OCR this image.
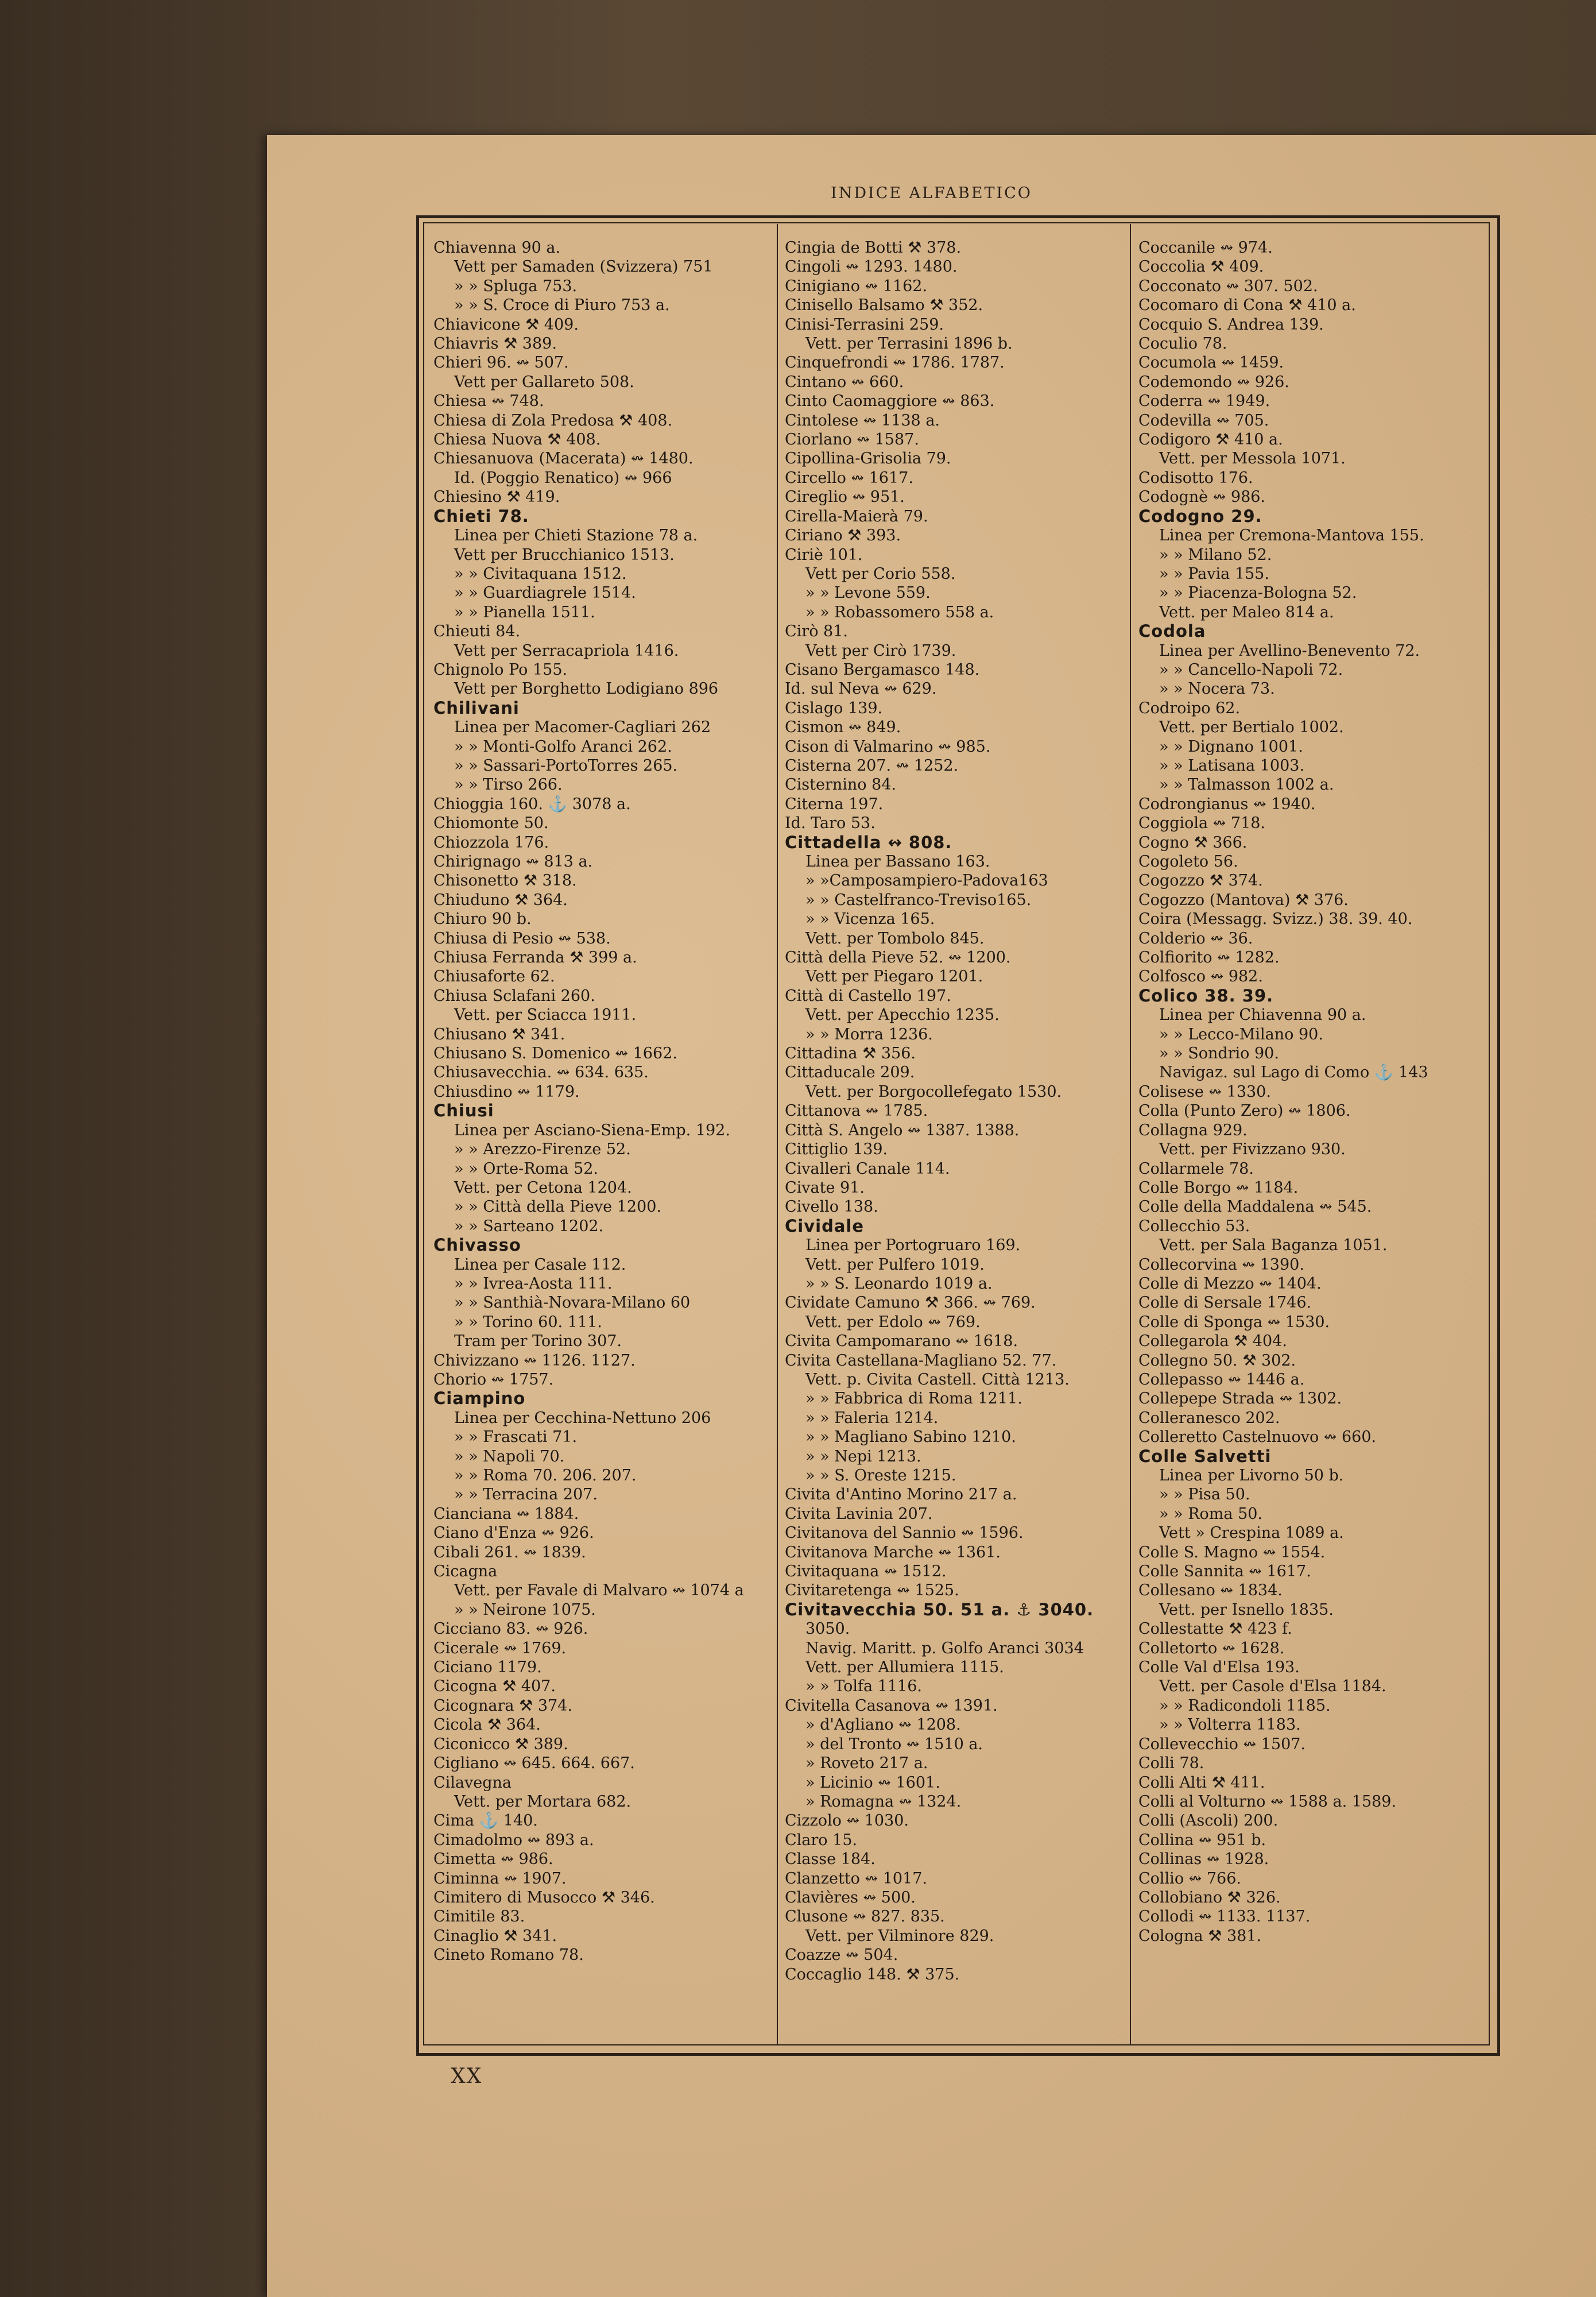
INDICE ALFABETICO
Chiavenna 90 a.
Vett per Samaden (Svizzera) 751
» » Spluga 753.
» » S. Croce di Piuro 753 a.
Chiavicone ⚒ 409.
Chiavris ⚒ 389.
Chieri 96. ↭ 507.
Vett per Gallareto 508.
Chiesa ↭ 748.
Chiesa di Zola Predosa ⚒ 408.
Chiesa Nuova ⚒ 408.
Chiesanuova (Macerata) ↭ 1480.
Id. (Poggio Renatico) ↭ 966
Chiesino ⚒ 419.
Chieti 78.
Linea per Chieti Stazione 78 a.
Vett per Brucchianico 1513.
» » Civitaquana 1512.
» » Guardiagrele 1514.
» » Pianella 1511.
Chieuti 84.
Vett per Serracapriola 1416.
Chignolo Po 155.
Vett per Borghetto Lodigiano 896
Chilivani
Linea per Macomer-Cagliari 262
» » Monti-Golfo Aranci 262.
» » Sassari-PortoTorres 265.
» » Tirso 266.
Chioggia 160. ⚓ 3078 a.
Chiomonte 50.
Chiozzola 176.
Chirignago ↭ 813 a.
Chisonetto ⚒ 318.
Chiuduno ⚒ 364.
Chiuro 90 b.
Chiusa di Pesio ↭ 538.
Chiusa Ferranda ⚒ 399 a.
Chiusaforte 62.
Chiusa Sclafani 260.
Vett. per Sciacca 1911.
Chiusano ⚒ 341.
Chiusano S. Domenico ↭ 1662.
Chiusavecchia. ↭ 634. 635.
Chiusdino ↭ 1179.
Chiusi
Linea per Asciano-Siena-Emp. 192.
» » Arezzo-Firenze 52.
» » Orte-Roma 52.
Vett. per Cetona 1204.
» » Città della Pieve 1200.
» » Sarteano 1202.
Chivasso
Linea per Casale 112.
» » Ivrea-Aosta 111.
» » Santhià-Novara-Milano 60
» » Torino 60. 111.
Tram per Torino 307.
Chivizzano ↭ 1126. 1127.
Chorio ↭ 1757.
Ciampino
Linea per Cecchina-Nettuno 206
» » Frascati 71.
» » Napoli 70.
» » Roma 70. 206. 207.
» » Terracina 207.
Cianciana ↭ 1884.
Ciano d'Enza ↭ 926.
Cibali 261. ↭ 1839.
Cicagna
Vett. per Favale di Malvaro ↭ 1074 a
» » Neirone 1075.
Cicciano 83. ↭ 926.
Cicerale ↭ 1769.
Ciciano 1179.
Cicogna ⚒ 407.
Cicognara ⚒ 374.
Cicola ⚒ 364.
Ciconicco ⚒ 389.
Cigliano ↭ 645. 664. 667.
Cilavegna
Vett. per Mortara 682.
Cima ⚓ 140.
Cimadolmo ↭ 893 a.
Cimetta ↭ 986.
Ciminna ↭ 1907.
Cimitero di Musocco ⚒ 346.
Cimitile 83.
Cinaglio ⚒ 341.
Cineto Romano 78.
Cingia de Botti ⚒ 378.
Cingoli ↭ 1293. 1480.
Cinigiano ↭ 1162.
Cinisello Balsamo ⚒ 352.
Cinisi-Terrasini 259.
Vett. per Terrasini 1896 b.
Cinquefrondi ↭ 1786. 1787.
Cintano ↭ 660.
Cinto Caomaggiore ↭ 863.
Cintolese ↭ 1138 a.
Ciorlano ↭ 1587.
Cipollina-Grisolia 79.
Circello ↭ 1617.
Cireglio ↭ 951.
Cirella-Maierà 79.
Ciriano ⚒ 393.
Ciriè 101.
Vett per Corio 558.
» » Levone 559.
» » Robassomero 558 a.
Cirò 81.
Vett per Cirò 1739.
Cisano Bergamasco 148.
Id. sul Neva ↭ 629.
Cislago 139.
Cismon ↭ 849.
Cison di Valmarino ↭ 985.
Cisterna 207. ↭ 1252.
Cisternino 84.
Citerna 197.
Id. Taro 53.
Cittadella ↭ 808.
Linea per Bassano 163.
» »Camposampiero-Padova163
» » Castelfranco-Treviso165.
» » Vicenza 165.
Vett. per Tombolo 845.
Città della Pieve 52. ↭ 1200.
Vett per Piegaro 1201.
Città di Castello 197.
Vett. per Apecchio 1235.
» » Morra 1236.
Cittadina ⚒ 356.
Cittaducale 209.
Vett. per Borgocollefegato 1530.
Cittanova ↭ 1785.
Città S. Angelo ↭ 1387. 1388.
Cittiglio 139.
Civalleri Canale 114.
Civate 91.
Civello 138.
Cividale
Linea per Portogruaro 169.
Vett. per Pulfero 1019.
» » S. Leonardo 1019 a.
Cividate Camuno ⚒ 366. ↭ 769.
Vett. per Edolo ↭ 769.
Civita Campomarano ↭ 1618.
Civita Castellana-Magliano 52. 77.
Vett. p. Civita Castell. Città 1213.
» » Fabbrica di Roma 1211.
» » Faleria 1214.
» » Magliano Sabino 1210.
» » Nepi 1213.
» » S. Oreste 1215.
Civita d'Antino Morino 217 a.
Civita Lavinia 207.
Civitanova del Sannio ↭ 1596.
Civitanova Marche ↭ 1361.
Civitaquana ↭ 1512.
Civitaretenga ↭ 1525.
Civitavecchia 50. 51 a. ⚓ 3040.
3050.
Navig. Maritt. p. Golfo Aranci 3034
Vett. per Allumiera 1115.
» » Tolfa 1116.
Civitella Casanova ↭ 1391.
» d'Agliano ↭ 1208.
» del Tronto ↭ 1510 a.
» Roveto 217 a.
» Licinio ↭ 1601.
» Romagna ↭ 1324.
Cizzolo ↭ 1030.
Claro 15.
Classe 184.
Clanzetto ↭ 1017.
Clavières ↭ 500.
Clusone ↭ 827. 835.
Vett. per Vilminore 829.
Coazze ↭ 504.
Coccaglio 148. ⚒ 375.
Coccanile ↭ 974.
Coccolia ⚒ 409.
Cocconato ↭ 307. 502.
Cocomaro di Cona ⚒ 410 a.
Cocquio S. Andrea 139.
Coculio 78.
Cocumola ↭ 1459.
Codemondo ↭ 926.
Coderra ↭ 1949.
Codevilla ↭ 705.
Codigoro ⚒ 410 a.
Vett. per Messola 1071.
Codisotto 176.
Codognè ↭ 986.
Codogno 29.
Linea per Cremona-Mantova 155.
» » Milano 52.
» » Pavia 155.
» » Piacenza-Bologna 52.
Vett. per Maleo 814 a.
Codola
Linea per Avellino-Benevento 72.
» » Cancello-Napoli 72.
» » Nocera 73.
Codroipo 62.
Vett. per Bertialo 1002.
» » Dignano 1001.
» » Latisana 1003.
» » Talmasson 1002 a.
Codrongianus ↭ 1940.
Coggiola ↭ 718.
Cogno ⚒ 366.
Cogoleto 56.
Cogozzo ⚒ 374.
Cogozzo (Mantova) ⚒ 376.
Coira (Messagg. Svizz.) 38. 39. 40.
Colderio ↭ 36.
Colfiorito ↭ 1282.
Colfosco ↭ 982.
Colico 38. 39.
Linea per Chiavenna 90 a.
» » Lecco-Milano 90.
» » Sondrio 90.
Navigaz. sul Lago di Como ⚓ 143
Colisese ↭ 1330.
Colla (Punto Zero) ↭ 1806.
Collagna 929.
Vett. per Fivizzano 930.
Collarmele 78.
Colle Borgo ↭ 1184.
Colle della Maddalena ↭ 545.
Collecchio 53.
Vett. per Sala Baganza 1051.
Collecorvina ↭ 1390.
Colle di Mezzo ↭ 1404.
Colle di Sersale 1746.
Colle di Sponga ↭ 1530.
Collegarola ⚒ 404.
Collegno 50. ⚒ 302.
Collepasso ↭ 1446 a.
Collepepe Strada ↭ 1302.
Colleranesco 202.
Colleretto Castelnuovo ↭ 660.
Colle Salvetti
Linea per Livorno 50 b.
» » Pisa 50.
» » Roma 50.
Vett » Crespina 1089 a.
Colle S. Magno ↭ 1554.
Colle Sannita ↭ 1617.
Collesano ↭ 1834.
Vett. per Isnello 1835.
Collestatte ⚒ 423 f.
Colletorto ↭ 1628.
Colle Val d'Elsa 193.
Vett. per Casole d'Elsa 1184.
» » Radicondoli 1185.
» » Volterra 1183.
Collevecchio ↭ 1507.
Colli 78.
Colli Alti ⚒ 411.
Colli al Volturno ↭ 1588 a. 1589.
Colli (Ascoli) 200.
Collina ↭ 951 b.
Collinas ↭ 1928.
Collio ↭ 766.
Collobiano ⚒ 326.
Collodi ↭ 1133. 1137.
Cologna ⚒ 381.
XX
